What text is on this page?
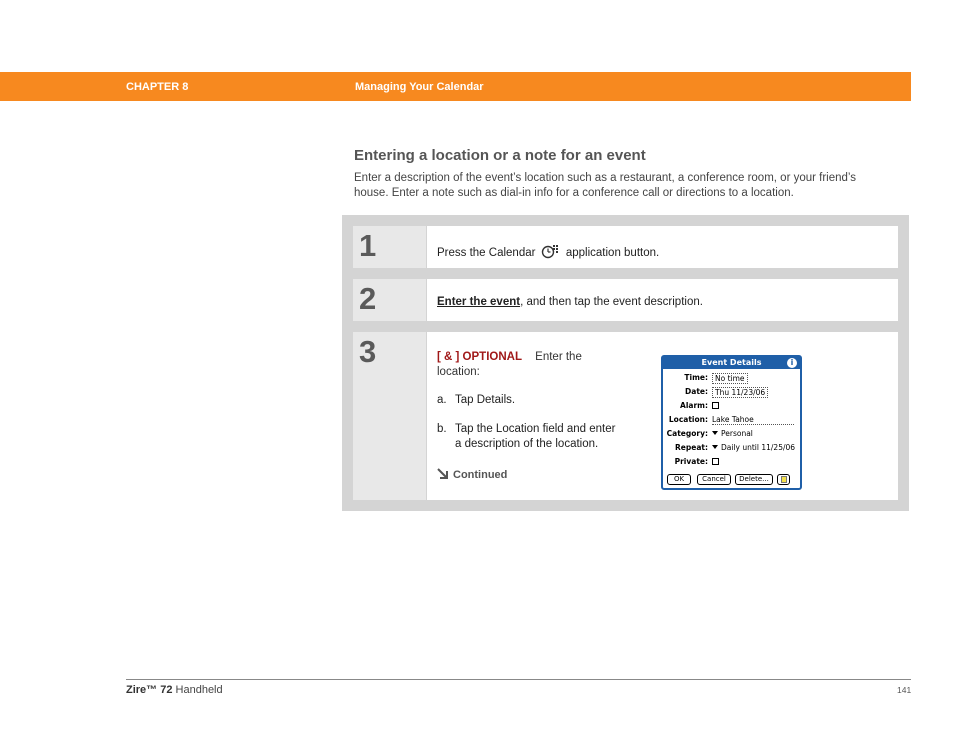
CHAPTER 8	Managing Your Calendar
Entering a location or a note for an event
Enter a description of the event’s location such as a restaurant, a conference room, or your friend’s
house. Enter a note such as dial-in info for a conference call or directions to a location.
1	Press the Calendar	application button.
2	Enter the event, and then tap the event description.
3	[ & ] OPTIONAL Enter the
location:
a. Tap Details.
b. Tap the Location field and enter
a description of the location.
Continued
Event Details	i
Time: No time
Date: Thu 11/23/06
Alarm:
Location: Lake Tahoe
Category:	Personal
Repeat:	Daily until 11/25/06
Private:
OK	Cancel	Delete...
Zire™ 72 Handheld	141
